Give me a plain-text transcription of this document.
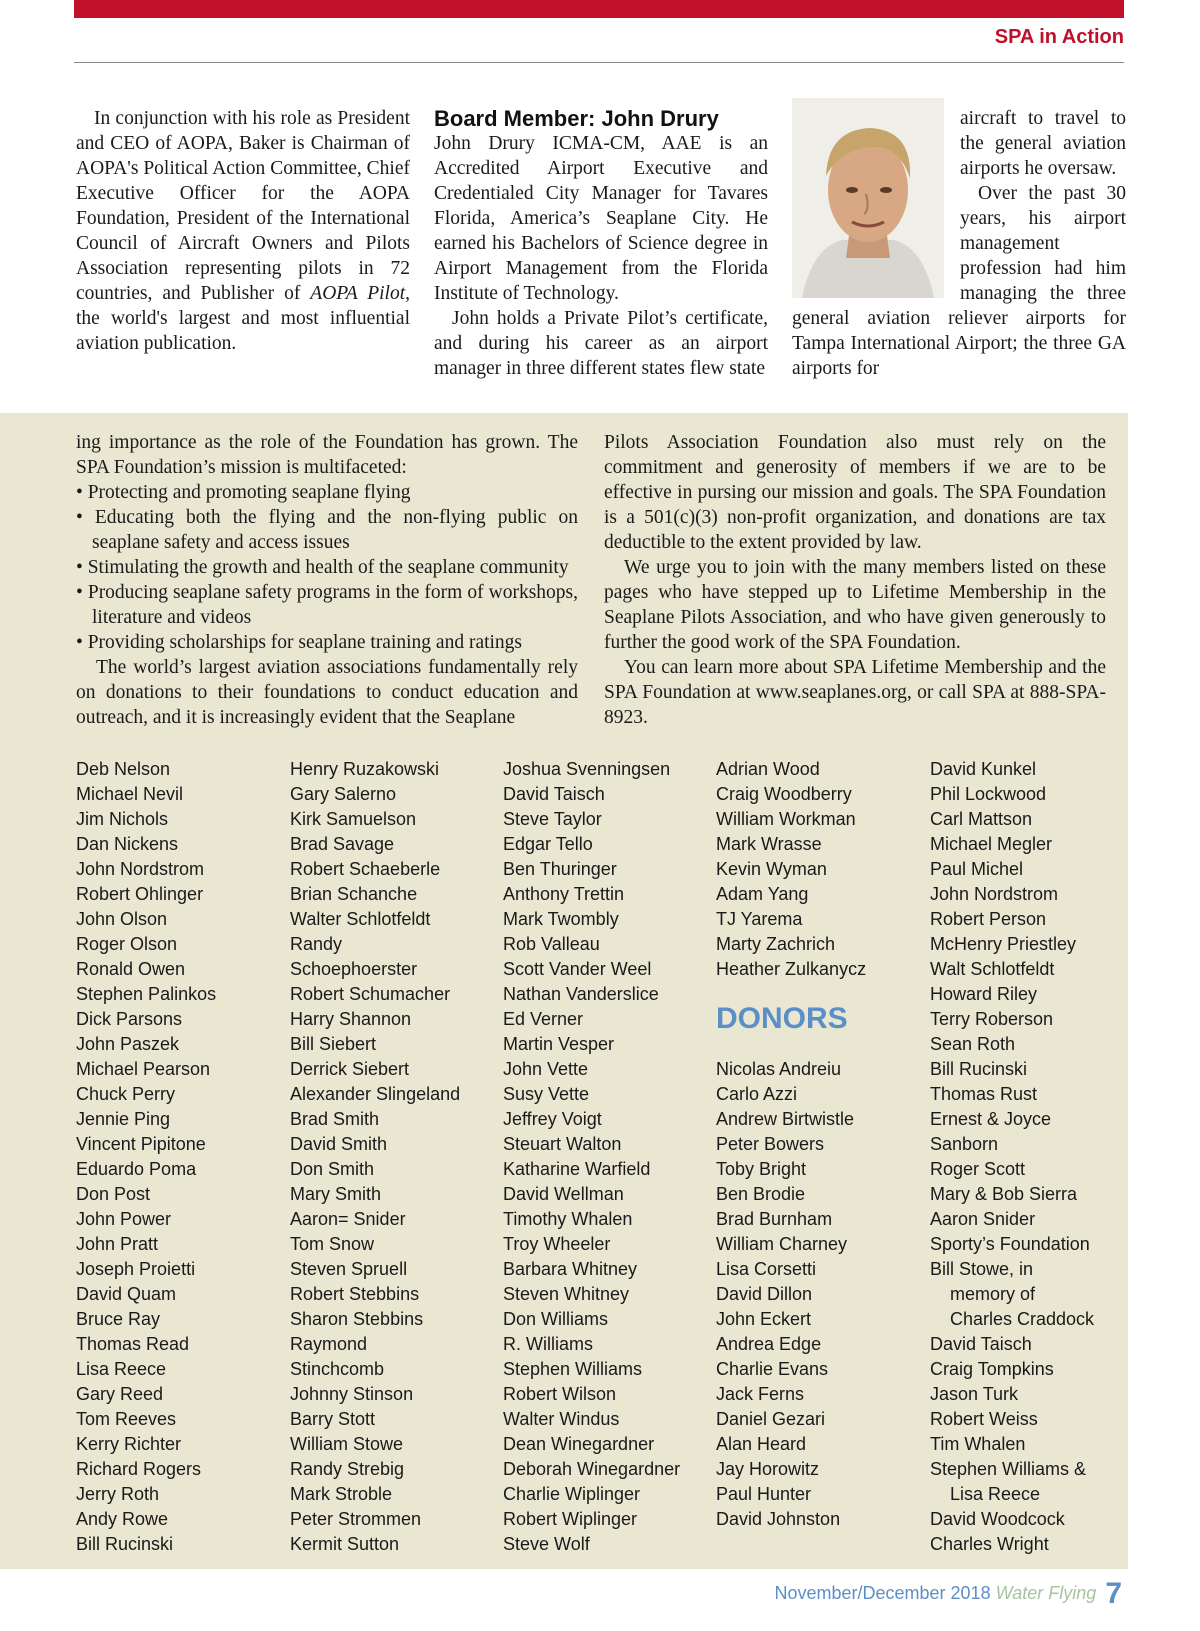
SPA in Action

In conjunction with his role as President and CEO of AOPA, Baker is Chairman of AOPA's Political Action Committee, Chief Executive Officer for the AOPA Foundation, President of the International Council of Aircraft Owners and Pilots Association representing pilots in 72 countries, and Publisher of AOPA Pilot, the world's largest and most influential aviation publication.

Board Member: John Drury

John Drury ICMA-CM, AAE is an Accredited Airport Executive and Credentialed City Manager for Tavares Florida, America’s Seaplane City. He earned his Bachelors of Science degree in Airport Management from the Florida Institute of Technology.

John holds a Private Pilot’s certificate, and during his career as an airport manager in three different states flew state

aircraft to travel to the general aviation airports he oversaw.

Over the past 30 years, his airport management profession had him managing the three general aviation reliever airports for Tampa International Airport; the three GA airports for

ing importance as the role of the Foundation has grown. The SPA Foundation’s mission is multifaceted:

• Protecting and promoting seaplane flying
• Educating both the flying and the non-flying public on seaplane safety and access issues
• Stimulating the growth and health of the seaplane community
• Producing seaplane safety programs in the form of workshops, literature and videos
• Providing scholarships for seaplane training and ratings

The world’s largest aviation associations fundamentally rely on donations to their foundations to conduct education and outreach, and it is increasingly evident that the Seaplane

Pilots Association Foundation also must rely on the commitment and generosity of members if we are to be effective in pursing our mission and goals. The SPA Foundation is a 501(c)(3) non-profit organization, and donations are tax deductible to the extent provided by law.

We urge you to join with the many members listed on these pages who have stepped up to Lifetime Membership in the Seaplane Pilots Association, and who have given generously to further the good work of the SPA Foundation.

You can learn more about SPA Lifetime Membership and the SPA Foundation at www.seaplanes.org, or call SPA at 888-SPA-8923.

Deb Nelson
Michael Nevil
Jim Nichols
Dan Nickens
John Nordstrom
Robert Ohlinger
John Olson
Roger Olson
Ronald Owen
Stephen Palinkos
Dick Parsons
John Paszek
Michael Pearson
Chuck Perry
Jennie Ping
Vincent Pipitone
Eduardo Poma
Don Post
John Power
John Pratt
Joseph Proietti
David Quam
Bruce Ray
Thomas Read
Lisa Reece
Gary Reed
Tom Reeves
Kerry Richter
Richard Rogers
Jerry Roth
Andy Rowe
Bill Rucinski
Henry Ruzakowski
Gary Salerno
Kirk Samuelson
Brad Savage
Robert Schaeberle
Brian Schanche
Walter Schlotfeldt
Randy
Schoephoerster
Robert Schumacher
Harry Shannon
Bill Siebert
Derrick Siebert
Alexander Slingeland
Brad Smith
David Smith
Don Smith
Mary Smith
Aaron= Snider
Tom Snow
Steven Spruell
Robert Stebbins
Sharon Stebbins
Raymond
Stinchcomb
Johnny Stinson
Barry Stott
William Stowe
Randy Strebig
Mark Stroble
Peter Strommen
Kermit Sutton
Joshua Svenningsen
David Taisch
Steve Taylor
Edgar Tello
Ben Thuringer
Anthony Trettin
Mark Twombly
Rob Valleau
Scott Vander Weel
Nathan Vanderslice
Ed Verner
Martin Vesper
John Vette
Susy Vette
Jeffrey Voigt
Steuart Walton
Katharine Warfield
David Wellman
Timothy Whalen
Troy Wheeler
Barbara Whitney
Steven Whitney
Don Williams
R. Williams
Stephen Williams
Robert Wilson
Walter Windus
Dean Winegardner
Deborah Winegardner
Charlie Wiplinger
Robert Wiplinger
Steve Wolf
Adrian Wood
Craig Woodberry
William Workman
Mark Wrasse
Kevin Wyman
Adam Yang
TJ Yarema
Marty Zachrich
Heather Zulkanycz
DONORS
Nicolas Andreiu
Carlo Azzi
Andrew Birtwistle
Peter Bowers
Toby Bright
Ben Brodie
Brad Burnham
William Charney
Lisa Corsetti
David Dillon
John Eckert
Andrea Edge
Charlie Evans
Jack Ferns
Daniel Gezari
Alan Heard
Jay Horowitz
Paul Hunter
David Johnston
David Kunkel
Phil Lockwood
Carl Mattson
Michael Megler
Paul Michel
John Nordstrom
Robert Person
McHenry Priestley
Walt Schlotfeldt
Howard Riley
Terry Roberson
Sean Roth
Bill Rucinski
Thomas Rust
Ernest & Joyce
Sanborn
Roger Scott
Mary & Bob Sierra
Aaron Snider
Sporty’s Foundation
Bill Stowe, in
memory of
Charles Craddock
David Taisch
Craig Tompkins
Jason Turk
Robert Weiss
Tim Whalen
Stephen Williams &
Lisa Reece
David Woodcock
Charles Wright
November/December 2018 Water Flying 7
